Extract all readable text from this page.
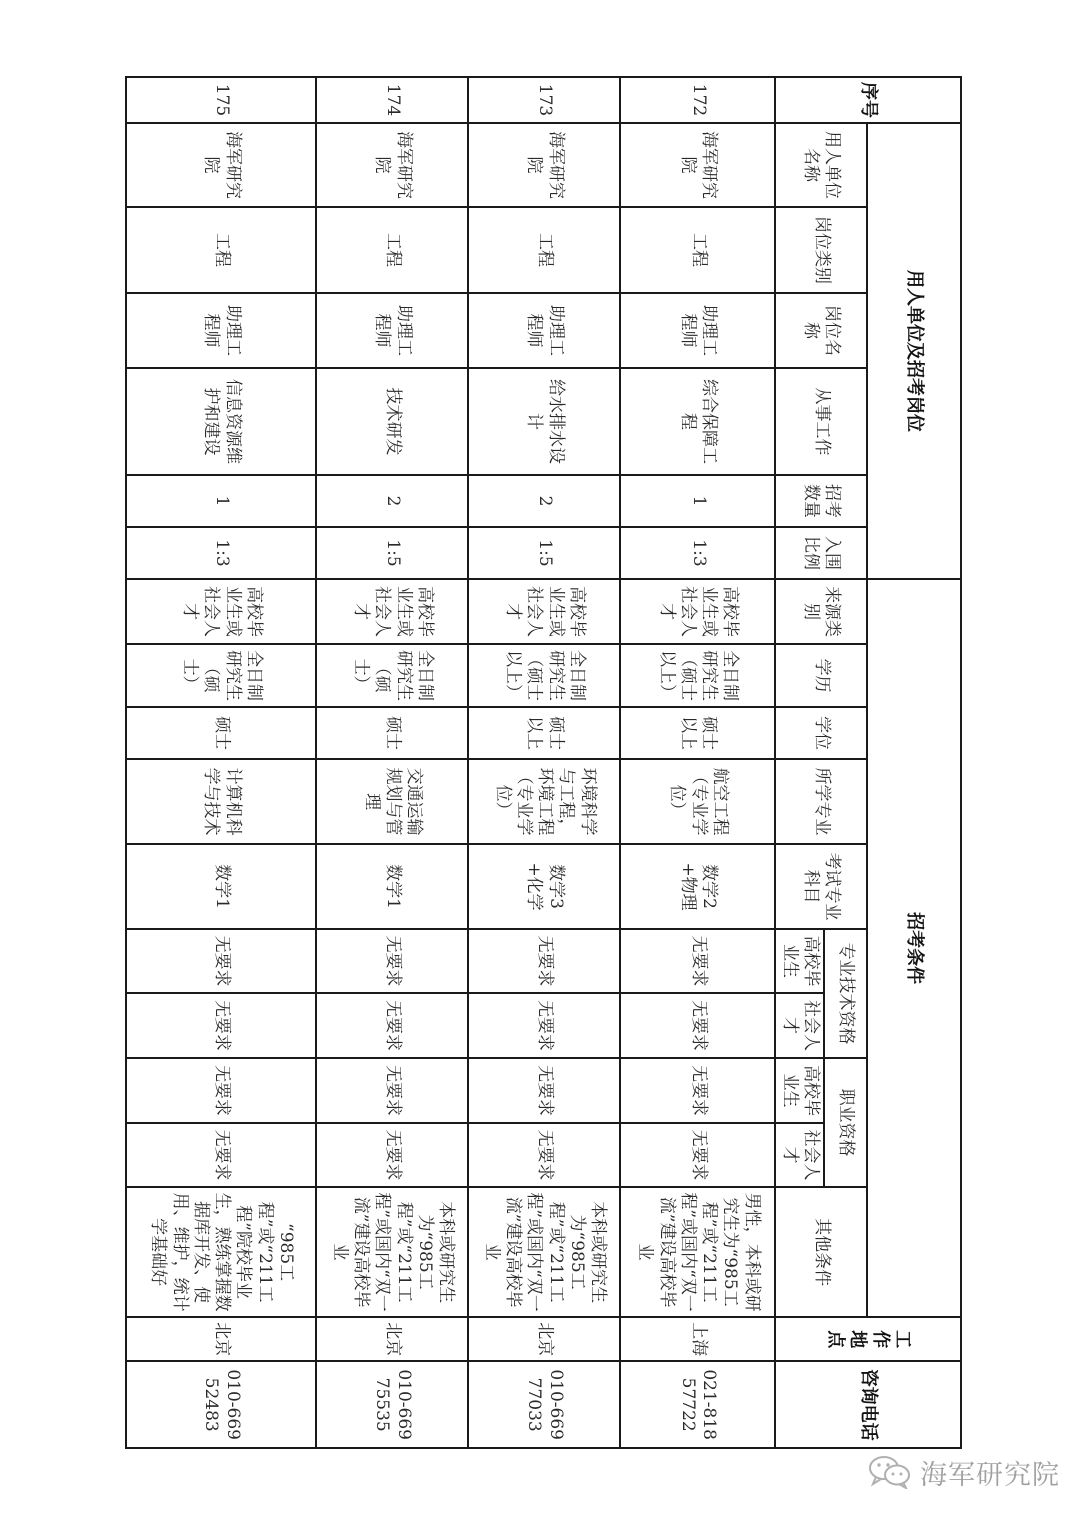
序号	用人单位及招考岗位						招考条件										工作地点	咨询电话
	用人单位名称	岗位类别	岗位名称	从事工作	招考数量	入围比例	来源类别	学历	学位	所学专业	考试专业科目	专业技术资格		职业资格		其他条件		
												高校毕业生	社会人才	高校毕业生	社会人才			
172	海军研究院	工程	助理工程师	综合保障工程	1	1:3	高校毕业生或社会人才	全日制研究生（硕士以上）	硕士以上	航空工程（专业学位）	数学2+物理	无要求	无要求	无要求	无要求	男性，本科或研究生为“985工程”或“211工程”或国内“双一流”建设高校毕业	上海	021-81857722
173	海军研究院	工程	助理工程师	给水排水设计	2	1:5	高校毕业生或社会人才	全日制研究生（硕士以上）	硕士以上	环境科学与工程，环境工程（专业学位）	数学3+化学	无要求	无要求	无要求	无要求	本科或研究生为“985工程”或“211工程”或国内“双一流”建设高校毕业	北京	010-66977033
174	海军研究院	工程	助理工程师	技术研发	2	1:5	高校毕业生或社会人才	全日制研究生（硕士）	硕士	交通运输规划与管理	数学1	无要求	无要求	无要求	无要求	本科或研究生为“985工程”或“211工程”或国内“双一流”建设高校毕业	北京	010-66975535
175	海军研究院	工程	助理工程师	信息资源维护和建设	1	1:3	高校毕业生或社会人才	全日制研究生（硕士）	硕士	计算机科学与技术	数学1	无要求	无要求	无要求	无要求	“985工程”或“211工程”院校毕业生，熟练掌握数据库开发、使用、维护，统计学基础好	北京	010-66952483
海军研究院
